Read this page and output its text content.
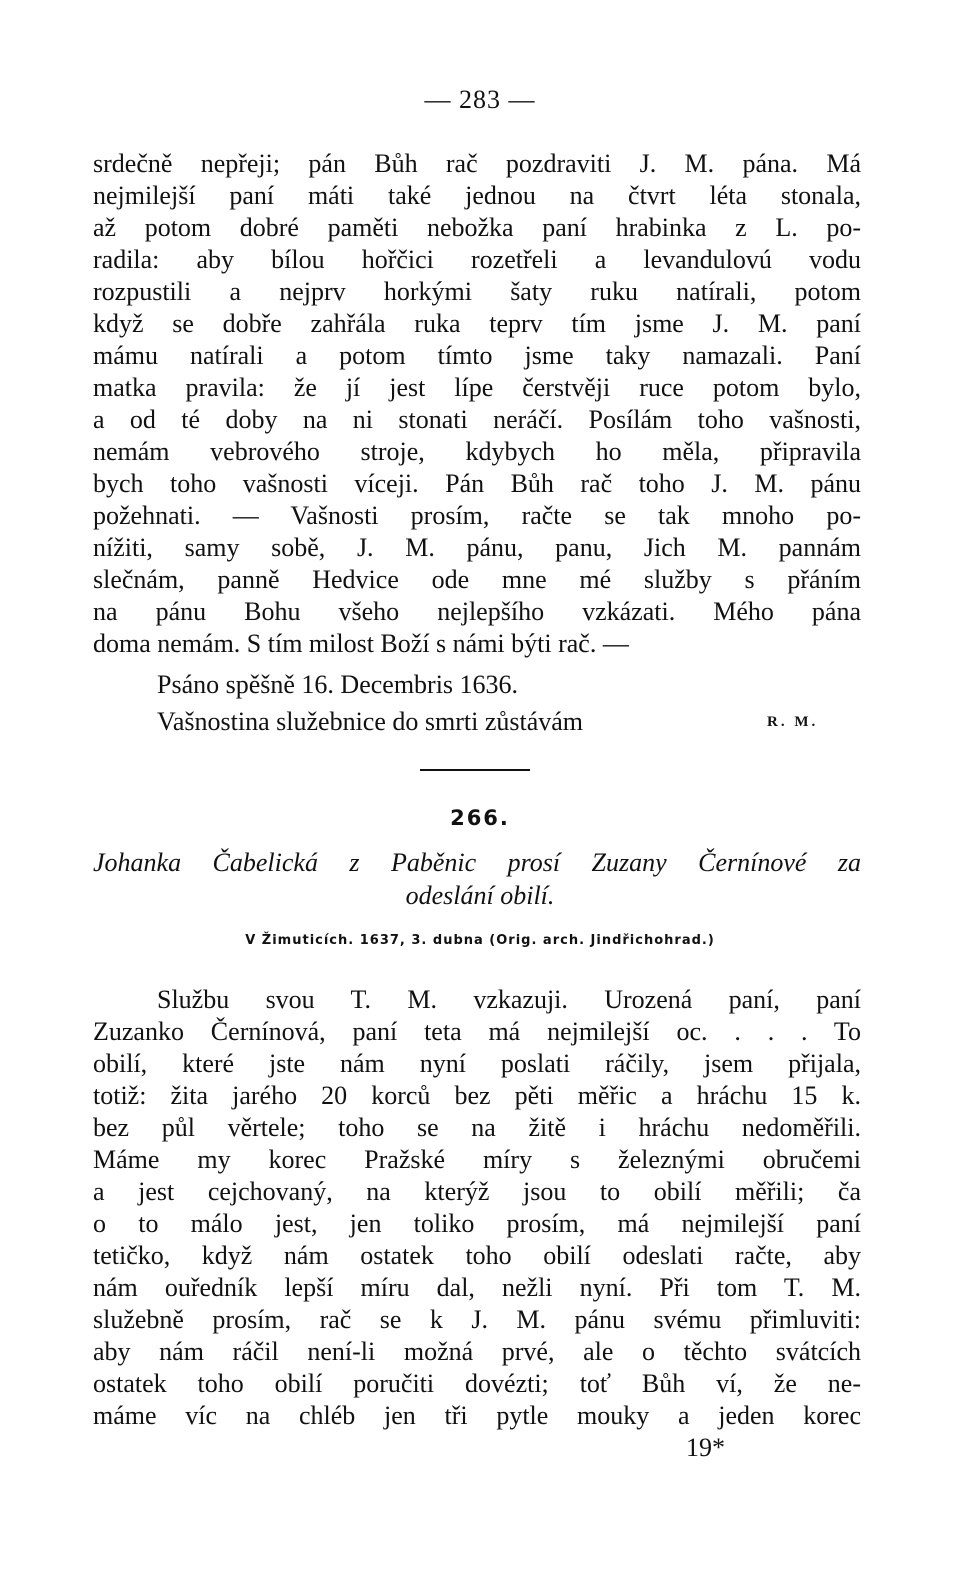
— 283 —
srdečně nepřeji; pán Bůh rač pozdraviti J. M. pána. Má
nejmilejší paní máti také jednou na čtvrt léta stonala,
až potom dobré paměti nebožka paní hrabinka z L. po-
radila: aby bílou hořčici rozetřeli a levandulovú vodu
rozpustili a nejprv horkými šaty ruku natírali, potom
když se dobře zahřála ruka teprv tím jsme J. M. paní
mámu natírali a potom tímto jsme taky namazali. Paní
matka pravila: že jí jest lípe čerstvěji ruce potom bylo,
a od té doby na ni stonati neráčí. Posílám toho vašnosti,
nemám vebrového stroje, kdybych ho měla, připravila
bych toho vašnosti víceji. Pán Bůh rač toho J. M. pánu
požehnati. — Vašnosti prosím, račte se tak mnoho po-
nížiti, samy sobě, J. M. pánu, panu, Jich M. pannám
slečnám, panně Hedvice ode mne mé služby s přáním
na pánu Bohu všeho nejlepšího vzkázati. Mého pána
doma nemám. S tím milost Boží s námi býti rač. —
Psáno spěšně 16. Decembris 1636.
Vašnostina služebnice do smrti zůstávám	R. M.
266.
Johanka Čabelická z Paběnic prosí Zuzany Černínové za
odeslání obilí.
V Žimuticích. 1637, 3. dubna (Orig. arch. Jindřichohrad.)
Službu svou T. M. vzkazuji. Urozená paní, paní
Zuzanko Černínová, paní teta má nejmilejší oc. . . . To
obilí, které jste nám nyní poslati ráčily, jsem přijala,
totiž: žita jarého 20 korců bez pěti měřic a hráchu 15 k.
bez půl věrtele; toho se na žitě i hráchu nedoměřili.
Máme my korec Pražské míry s železnými obručemi
a jest cejchovaný, na kterýž jsou to obilí měřili; ča
o to málo jest, jen toliko prosím, má nejmilejší paní
tetičko, když nám ostatek toho obilí odeslati račte, aby
nám ouředník lepší míru dal, nežli nyní. Při tom T. M.
služebně prosím, rač se k J. M. pánu svému přimluviti:
aby nám ráčil není-li možná prvé, ale o těchto svátcích
ostatek toho obilí poručiti dovézti; toť Bůh ví, že ne-
máme víc na chléb jen tři pytle mouky a jeden korec
19*
